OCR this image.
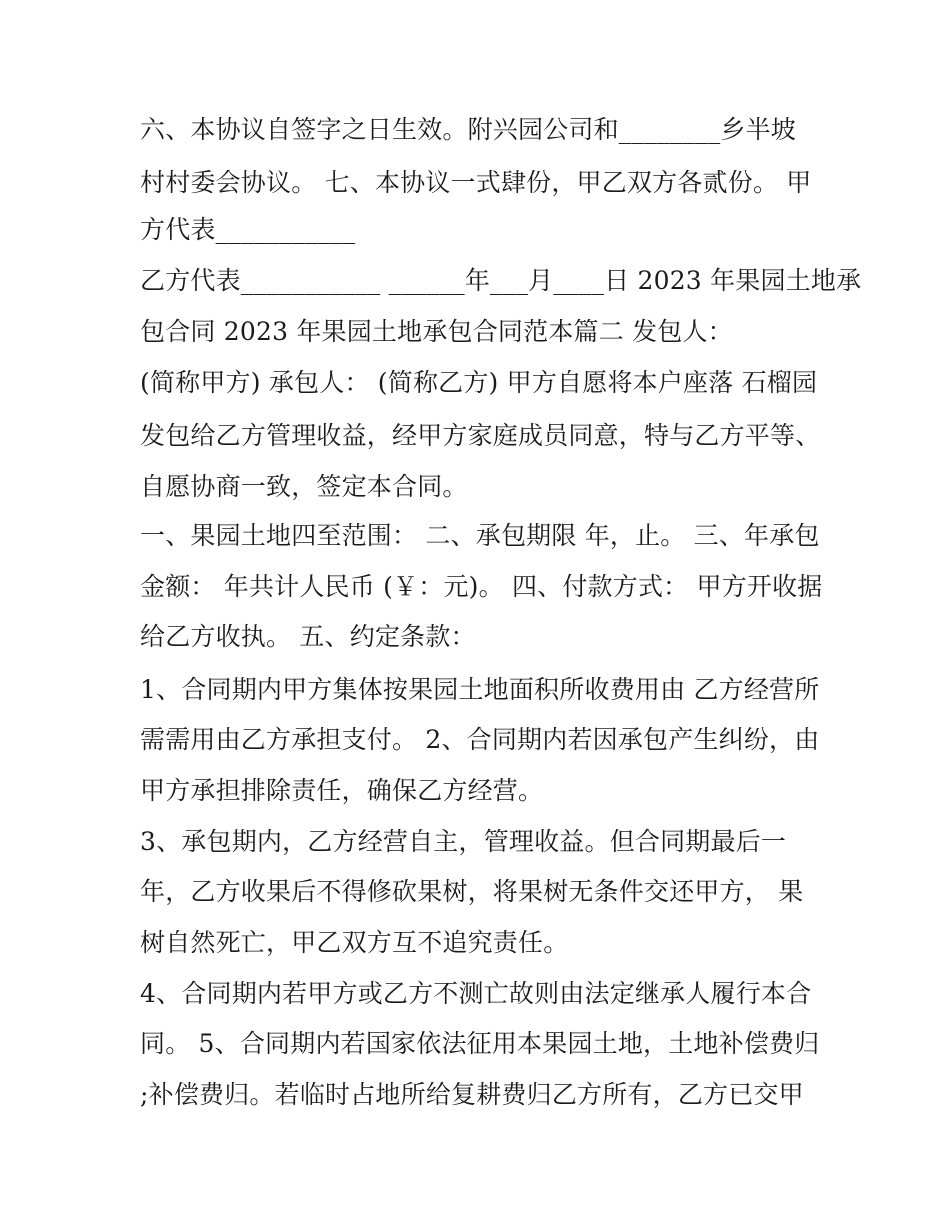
六、本协议自签字之日生效。附兴园公司和________乡半坡
村村委会协议。 七、本协议一式肆份，甲乙双方各贰份。 甲
方代表___________
乙方代表___________ ______年___月____日 2023 年果园土地承
包合同 2023 年果园土地承包合同范本篇二 发包人：
(简称甲方) 承包人： (简称乙方) 甲方自愿将本户座落 石榴园
发包给乙方管理收益，经甲方家庭成员同意，特与乙方平等、
自愿协商一致，签定本合同。
一、果园土地四至范围： 二、承包期限 年，止。 三、年承包
金额： 年共计人民币 (￥：元)。 四、付款方式： 甲方开收据
给乙方收执。 五、约定条款：
1、合同期内甲方集体按果园土地面积所收费用由 乙方经营所
需需用由乙方承担支付。 2、合同期内若因承包产生纠纷，由
甲方承担排除责任，确保乙方经营。
3、承包期内，乙方经营自主，管理收益。但合同期最后一
年，乙方收果后不得修砍果树，将果树无条件交还甲方， 果
树自然死亡，甲乙双方互不追究责任。
4、合同期内若甲方或乙方不测亡故则由法定继承人履行本合
同。 5、合同期内若国家依法征用本果园土地，土地补偿费归
;补偿费归。若临时占地所给复耕费归乙方所有，乙方已交甲
